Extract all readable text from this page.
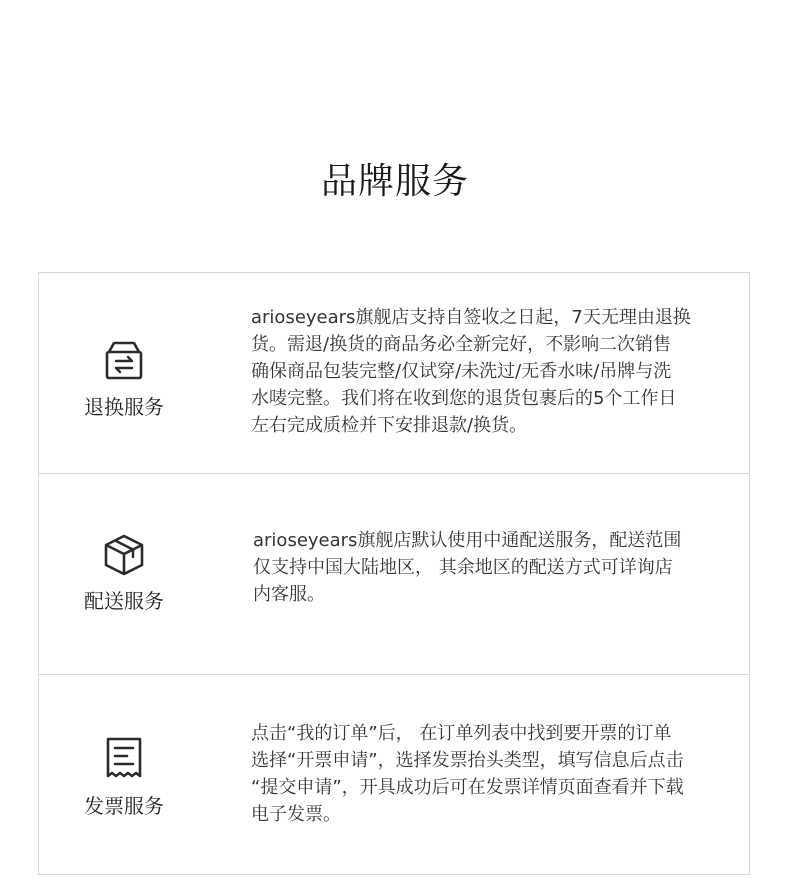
品牌服务
退换服务
arioseyears旗舰店支持自签收之日起，7天无理由退换
货。需退/换货的商品务必全新完好，不影响二次销售
确保商品包装完整/仅试穿/未洗过/无香水味/吊牌与洗
水唛完整。我们将在收到您的退货包裹后的5个工作日
左右完成质检并下安排退款/换货。
配送服务
arioseyears旗舰店默认使用中通配送服务，配送范围
仅支持中国大陆地区， 其余地区的配送方式可详询店
内客服。
发票服务
点击“我的订单”后， 在订单列表中找到要开票的订单
选择“开票申请”，选择发票抬头类型，填写信息后点击
“提交申请”，开具成功后可在发票详情页面查看并下载
电子发票。
